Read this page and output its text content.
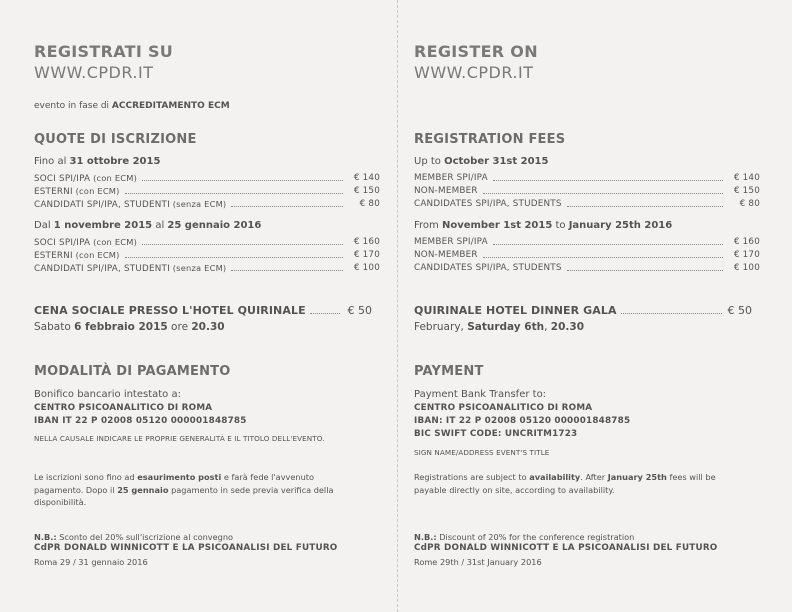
REGISTRATI SU
WWW.CPDR.IT
evento in fase di ACCREDITAMENTO ECM
QUOTE DI ISCRIZIONE
Fino al 31 ottobre 2015
SOCI SPI/IPA (con ECM)	€ 140
ESTERNI (con ECM)	€ 150
CANDIDATI SPI/IPA, STUDENTI (senza ECM)	€ 80
Dal 1 novembre 2015 al 25 gennaio 2016
SOCI SPI/IPA (con ECM)	€ 160
ESTERNI (con ECM)	€ 170
CANDIDATI SPI/IPA, STUDENTI (senza ECM)	€ 100
CENA SOCIALE PRESSO L'HOTEL QUIRINALE	€ 50
Sabato 6 febbraio 2015 ore 20.30
MODALITÀ DI PAGAMENTO
Bonifico bancario intestato a:
CENTRO PSICOANALITICO DI ROMA
IBAN IT 22 P 02008 05120 000001848785
NELLA CAUSALE INDICARE LE PROPRIE GENERALITÀ E IL TITOLO DELL'EVENTO.
Le iscrizioni sono fino ad esaurimento posti e farà fede l'avvenuto pagamento. Dopo il 25 gennaio pagamento in sede previa verifica della disponibilità.
N.B.: Sconto del 20% sull'iscrizione al convegno
CdPR DONALD WINNICOTT E LA PSICOANALISI DEL FUTURO
Roma 29 / 31 gennaio 2016
REGISTER ON
WWW.CPDR.IT
REGISTRATION FEES
Up to October 31st 2015
MEMBER SPI/IPA	€ 140
NON-MEMBER	€ 150
CANDIDATES SPI/IPA, STUDENTS	€ 80
From November 1st 2015 to January 25th 2016
MEMBER SPI/IPA	€ 160
NON-MEMBER	€ 170
CANDIDATES SPI/IPA, STUDENTS	€ 100
QUIRINALE HOTEL DINNER GALA	€ 50
February, Saturday 6th, 20.30
PAYMENT
Payment Bank Transfer to:
CENTRO PSICOANALITICO DI ROMA
IBAN: IT 22 P 02008 05120 000001848785
BIC SWIFT CODE: UNCRITM1723
SIGN NAME/ADDRESS EVENT'S TITLE
Registrations are subject to availability. After January 25th fees will be payable directly on site, according to availability.
N.B.: Discount of 20% for the conference registration
CdPR DONALD WINNICOTT E LA PSICOANALISI DEL FUTURO
Rome 29th / 31st January 2016
